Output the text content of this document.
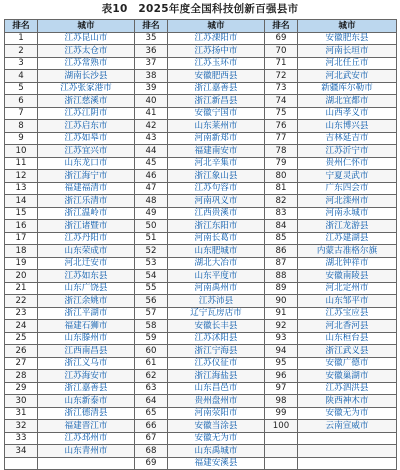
表10　2025年度全国科技创新百强县市
排名	城市	排名	城市	排名	城市
1	江苏昆山市	35	江苏溧阳市	69	安徽肥东县
2	江苏太仓市	36	江苏扬中市	70	河南长垣市
3	江苏常熟市	37	江苏玉环市	71	河北任丘市
4	湖南长沙县	38	安徽肥西县	72	河北武安市
5	江苏张家港市	39	浙江嘉善县	73	新疆库尔勒市
6	浙江慈溪市	40	浙江新昌县	74	湖北宜都市
7	江苏江阴市	41	安徽宁国市	75	山西孝义市
8	江苏启东市	42	山东莱州市	76	山东博兴县
9	江苏如皋市	43	河南新郑市	77	吉林延吉市
10	江苏宜兴市	44	福建南安市	78	江苏沂宁市
11	山东龙口市	45	河北辛集市	79	贵州仁怀市
12	浙江海宁市	46	浙江象山县	80	宁夏灵武市
13	福建福清市	47	江苏句容市	81	广东四会市
14	浙江乐清市	48	河南巩义市	82	河北滦州市
15	浙江温岭市	49	江西贵溪市	83	河南永城市
16	浙江诸暨市	50	浙江东阳市	84	浙江龙游县
17	江苏丹阳市	51	河南长葛市	85	江苏建湖县
18	山东荣成市	52	山东肥城市	86	内蒙古准格尔旗
19	河北迁安市	53	湖北大冶市	87	湖北钟祥市
20	江苏如东县	54	山东平度市	88	安徽南陵县
21	山东广饶县	55	河南禹州市	89	河北定州市
22	浙江余姚市	56	江苏沛县	90	山东邹平市
23	浙江平湖市	57	辽宁瓦房店市	91	江苏宝应县
24	福建石狮市	58	安徽长丰县	92	河北香河县
25	山东滕州市	59	江苏沭阳县	93	山东桓台县
26	江西南昌县	60	浙江宁海县	94	浙江武义县
27	浙江义乌市	61	江苏仪征市	95	安徽广德市
28	江苏海安市	62	浙江海盐县	96	安徽巢湖市
29	浙江嘉善县	63	山东昌邑市	97	江苏泗洪县
30	山东新泰市	64	贵州盘州市	98	陕西神木市
31	浙江德清县	65	河南荥阳市	99	安徽无为市
32	福建晋江市	66	安徽当涂县	100	云南宣威市
33	江苏邳州市	67	安徽无为市		
34	山东青州市	68	山东禹城市		
		69	福建安溪县		
